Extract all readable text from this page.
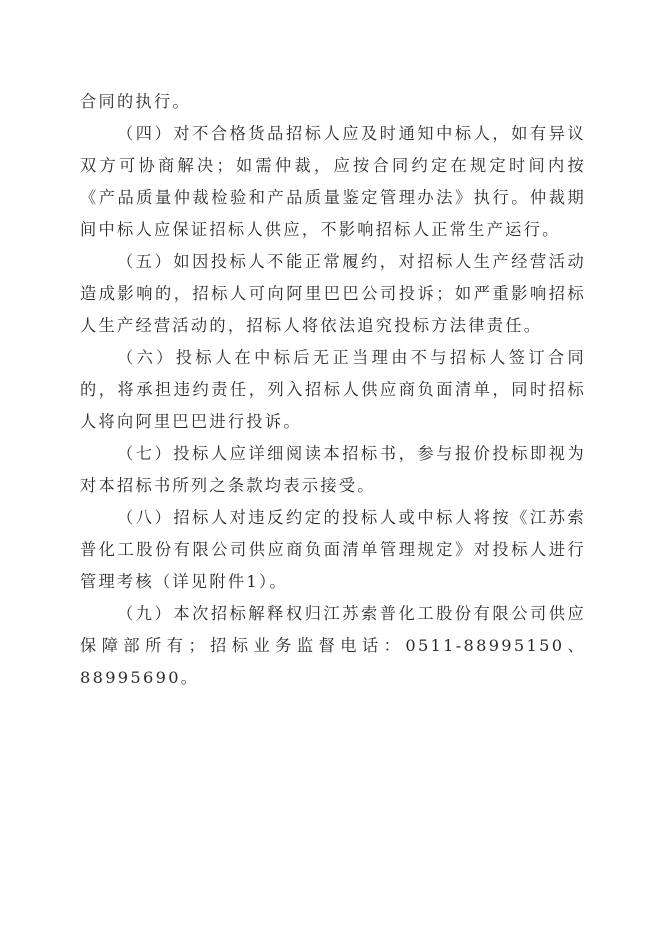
合同的执行。

（四）对不合格货品招标人应及时通知中标人，如有异议双方可协商解决；如需仲裁，应按合同约定在规定时间内按《产品质量仲裁检验和产品质量鉴定管理办法》执行。仲裁期间中标人应保证招标人供应，不影响招标人正常生产运行。

（五）如因投标人不能正常履约，对招标人生产经营活动造成影响的，招标人可向阿里巴巴公司投诉；如严重影响招标人生产经营活动的，招标人将依法追究投标方法律责任。

（六）投标人在中标后无正当理由不与招标人签订合同的，将承担违约责任，列入招标人供应商负面清单，同时招标人将向阿里巴巴进行投诉。

（七）投标人应详细阅读本招标书，参与报价投标即视为对本招标书所列之条款均表示接受。

（八）招标人对违反约定的投标人或中标人将按《江苏索普化工股份有限公司供应商负面清单管理规定》对投标人进行管理考核（详见附件1）。

（九）本次招标解释权归江苏索普化工股份有限公司供应保障部所有；招标业务监督电话：0511-88995150、88995690。
